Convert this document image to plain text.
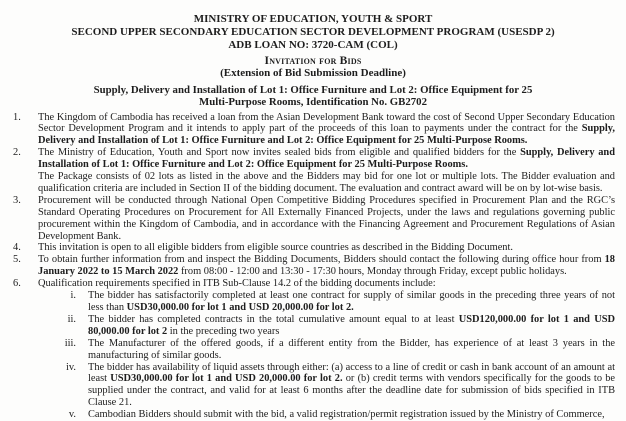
MINISTRY OF EDUCATION, YOUTH & SPORT
SECOND UPPER SECONDARY EDUCATION SECTOR DEVELOPMENT PROGRAM (USESDP 2)
ADB LOAN NO: 3720-CAM (COL)
Invitation for Bids
(Extension of Bid Submission Deadline)
Supply, Delivery and Installation of Lot 1: Office Furniture and Lot 2: Office Equipment for 25
Multi-Purpose Rooms, Identification No. GB2702
1. The Kingdom of Cambodia has received a loan from the Asian Development Bank toward the cost of Second Upper Secondary Education Sector Development Program and it intends to apply part of the proceeds of this loan to payments under the contract for the Supply, Delivery and Installation of Lot 1: Office Furniture and Lot 2: Office Equipment for 25 Multi-Purpose Rooms.
2. The Ministry of Education, Youth and Sport now invites sealed bids from eligible and qualified bidders for the Supply, Delivery and Installation of Lot 1: Office Furniture and Lot 2: Office Equipment for 25 Multi-Purpose Rooms.
The Package consists of 02 lots as listed in the above and the Bidders may bid for one lot or multiple lots. The Bidder evaluation and qualification criteria are included in Section II of the bidding document. The evaluation and contract award will be on by lot-wise basis.
3. Procurement will be conducted through National Open Competitive Bidding Procedures specified in Procurement Plan and the RGC’s Standard Operating Procedures on Procurement for All Externally Financed Projects, under the laws and regulations governing public procurement within the Kingdom of Cambodia, and in accordance with the Financing Agreement and Procurement Regulations of Asian Development Bank.
4. This invitation is open to all eligible bidders from eligible source countries as described in the Bidding Document.
5. To obtain further information from and inspect the Bidding Documents, Bidders should contact the following during office hour from 18 January 2022 to 15 March 2022 from 08:00 - 12:00 and 13:30 - 17:30 hours, Monday through Friday, except public holidays.
6. Qualification requirements specified in ITB Sub-Clause 14.2 of the bidding documents include:
i. The bidder has satisfactorily completed at least one contract for supply of similar goods in the preceding three years of not less than USD30,000.00 for lot 1 and USD 20,000.00 for lot 2.
ii. The bidder has completed contracts in the total cumulative amount equal to at least USD120,000.00 for lot 1 and USD 80,000.00 for lot 2 in the preceding two years
iii. The Manufacturer of the offered goods, if a different entity from the Bidder, has experience of at least 3 years in the manufacturing of similar goods.
iv. The bidder has availability of liquid assets through either: (a) access to a line of credit or cash in bank account of an amount at least USD30,000.00 for lot 1 and USD 20,000.00 for lot 2. or (b) credit terms with vendors specifically for the goods to be supplied under the contract, and valid for at least 6 months after the deadline date for submission of bids specified in ITB Clause 21.
v. Cambodian Bidders should submit with the bid, a valid registration/permit registration issued by the Ministry of Commerce,
